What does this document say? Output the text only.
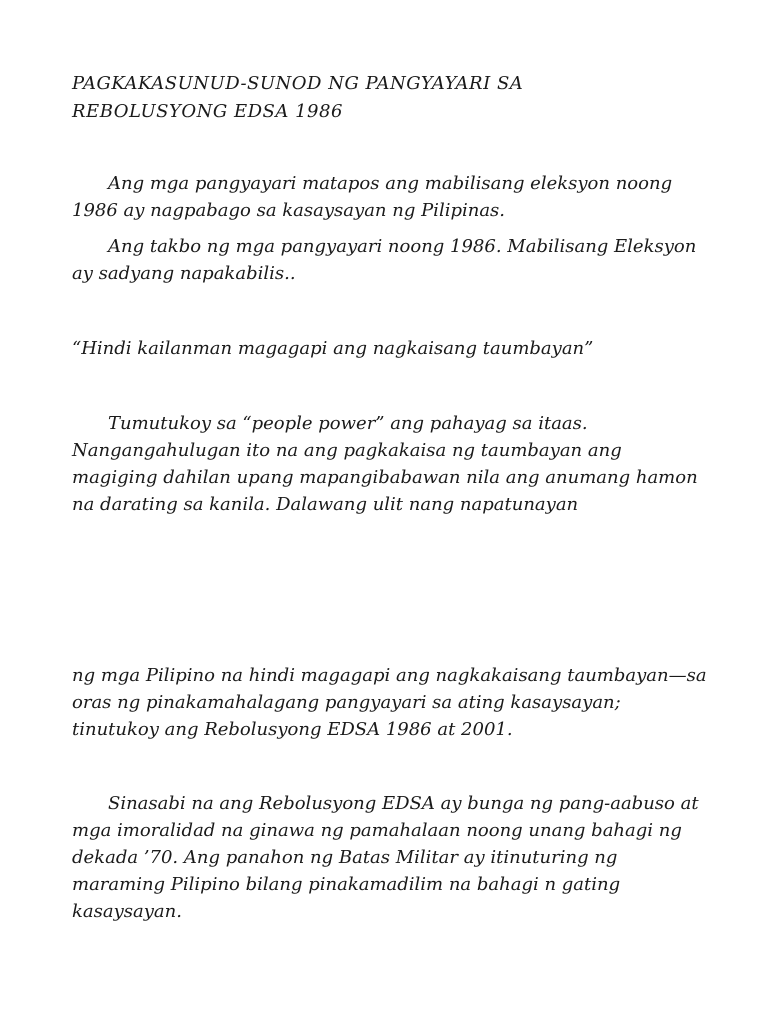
PAGKAKASUNUD-SUNOD NG PANGYAYARI SA
REBOLUSYONG EDSA 1986

Ang mga pangyayari matapos ang mabilisang eleksyon noong 1986 ay nagpabago sa kasaysayan ng Pilipinas.

Ang takbo ng mga pangyayari noong 1986. Mabilisang Eleksyon ay sadyang napakabilis..

“Hindi kailanman magagapi ang nagkaisang taumbayan”

Tumutukoy sa “people power” ang pahayag sa itaas. Nangangahulugan ito na ang pagkakaisa ng taumbayan ang magiging dahilan upang mapangibabawan nila ang anumang hamon na darating sa kanila. Dalawang ulit nang napatunayan

ng mga Pilipino na hindi magagapi ang nagkakaisang taumbayan—sa oras ng pinakamahalagang pangyayari sa ating kasaysayan; tinutukoy ang Rebolusyong EDSA 1986 at 2001.

Sinasabi na ang Rebolusyong EDSA ay bunga ng pang-aabuso at mga imoralidad na ginawa ng pamahalaan noong unang bahagi ng dekada ’70. Ang panahon ng Batas Militar ay itinuturing ng maraming Pilipino bilang pinakamadilim na bahagi n gating kasaysayan.
